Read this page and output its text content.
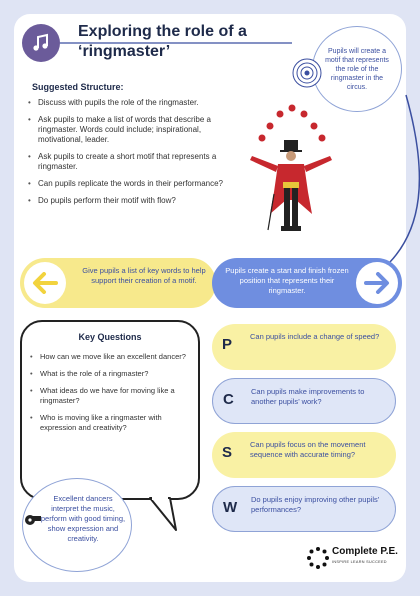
Exploring the role of a
‘ringmaster’	Pupils will create a motif that represents the role of the ringmaster in the circus.
Suggested Structure:
• Discuss with pupils the role of the ringmaster.
• Ask pupils to make a list of words that describe a ringmaster. Words could include; inspirational, motivational, leader.
• Ask pupils to create a short motif that represents a ringmaster.
• Can pupils replicate the words in their performance?
• Do pupils perform their motif with flow?
Give pupils a list of key words to help support their creation of a motif.
Pupils create a start and finish frozen position that represents their ringmaster.
Key Questions
• How can we move like an excellent dancer?
• What is the role of a ringmaster?
• What ideas do we have for moving like a ringmaster?
• Who is moving like a ringmaster with expression and creativity?
Excellent dancers interpret the music, perform with good timing, show expression and creativity.
P Can pupils include a change of speed?
C Can pupils make improvements to another pupils’ work?
S Can pupils focus on the movement sequence with accurate timing?
W Do pupils enjoy improving other pupils’ performances?
Complete P.E.
INSPIRE LEARN SUCCEED
